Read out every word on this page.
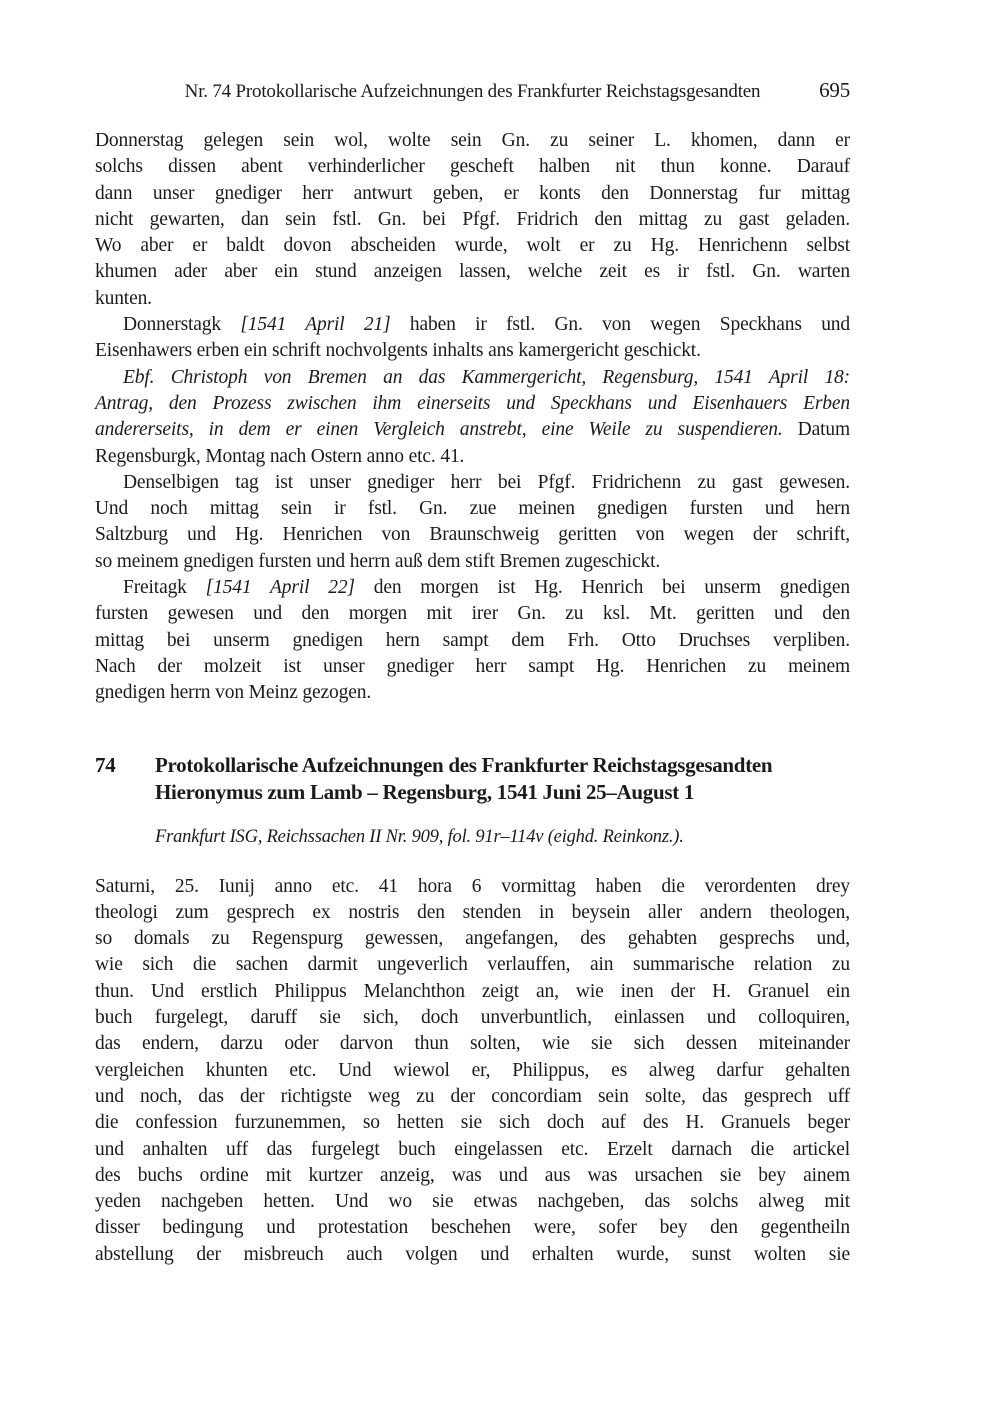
Nr. 74 Protokollarische Aufzeichnungen des Frankfurter Reichstagsgesandten	695
Donnerstag gelegen sein wol, wolte sein Gn. zu seiner L. khomen, dann er
solchs dissen abent verhinderlicher gescheft halben nit thun konne. Darauf
dann unser gnediger herr antwurt geben, er konts den Donnerstag fur mittag
nicht gewarten, dan sein fstl. Gn. bei Pfgf. Fridrich den mittag zu gast geladen.
Wo aber er baldt dovon abscheiden wurde, wolt er zu Hg. Henrichenn selbst
khumen ader aber ein stund anzeigen lassen, welche zeit es ir fstl. Gn. warten
kunten.
Donnerstagk [1541 April 21] haben ir fstl. Gn. von wegen Speckhans und
Eisenhawers erben ein schrift nochvolgents inhalts ans kamergericht geschickt.
Ebf. Christoph von Bremen an das Kammergericht, Regensburg, 1541 April 18:
Antrag, den Prozess zwischen ihm einerseits und Speckhans und Eisenhauers Erben
andererseits, in dem er einen Vergleich anstrebt, eine Weile zu suspendieren. Datum
Regensburgk, Montag nach Ostern anno etc. 41.
Denselbigen tag ist unser gnediger herr bei Pfgf. Fridrichenn zu gast gewesen.
Und noch mittag sein ir fstl. Gn. zue meinen gnedigen fursten und hern
Saltzburg und Hg. Henrichen von Braunschweig geritten von wegen der schrift,
so meinem gnedigen fursten und herrn auß dem stift Bremen zugeschickt.
Freitagk [1541 April 22] den morgen ist Hg. Henrich bei unserm gnedigen
fursten gewesen und den morgen mit irer Gn. zu ksl. Mt. geritten und den
mittag bei unserm gnedigen hern sampt dem Frh. Otto Druchses verpliben.
Nach der molzeit ist unser gnediger herr sampt Hg. Henrichen zu meinem
gnedigen herrn von Meinz gezogen.
74	Protokollarische Aufzeichnungen des Frankfurter Reichstagsgesandten
Hieronymus zum Lamb – Regensburg, 1541 Juni 25–August 1
Frankfurt ISG, Reichssachen II Nr. 909, fol. 91r–114v (eighd. Reinkonz.).
Saturni, 25. Iunij anno etc. 41 hora 6 vormittag haben die verordenten drey
theologi zum gesprech ex nostris den stenden in beysein aller andern theologen,
so domals zu Regenspurg gewessen, angefangen, des gehabten gesprechs und,
wie sich die sachen darmit ungeverlich verlauffen, ain summarische relation zu
thun. Und erstlich Philippus Melanchthon zeigt an, wie inen der H. Granuel ein
buch furgelegt, daruff sie sich, doch unverbuntlich, einlassen und colloquiren,
das endern, darzu oder darvon thun solten, wie sie sich dessen miteinander
vergleichen khunten etc. Und wiewol er, Philippus, es alweg darfur gehalten
und noch, das der richtigste weg zu der concordiam sein solte, das gesprech uff
die confession furzunemmen, so hetten sie sich doch auf des H. Granuels beger
und anhalten uff das furgelegt buch eingelassen etc. Erzelt darnach die artickel
des buchs ordine mit kurtzer anzeig, was und aus was ursachen sie bey ainem
yeden nachgeben hetten. Und wo sie etwas nachgeben, das solchs alweg mit
disser bedingung und protestation beschehen were, sofer bey den gegentheiln
abstellung der misbreuch auch volgen und erhalten wurde, sunst wolten sie
